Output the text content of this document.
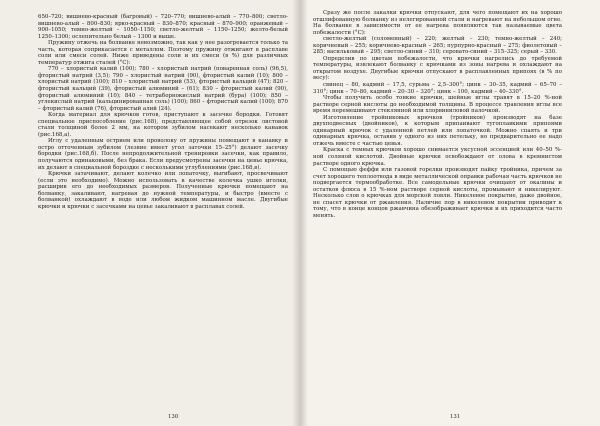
650–720; вишнево-красный (багровый) – 720–770; вишнево-алый – 770–800; светло-вишнево-алый – 800–830; ярко-красный – 830–870; красный – 870–900; оранжевый – 900–1050; темно-желтый – 1050–1150; светло-желтый – 1150–1250; желто-белый 1250–1300; ослепительно белый – 1300 и выше.

Пружину отжечь на болванке невозможно, так как у нее разогревается только та часть, которая соприкасается с металлом. Поэтому пружину отжигают в расплаве соли или смеси солей. Ниже приведены соли и их смеси (в %) для различных температур отжига сталей (°С):

770 – хлористый калий (100); 780 – хлористый натрий (поваренная соль) (96,5), фтористый натрий (3,5); 790 – хлористый натрий (90), фтористый калий (10); 800 – хлористый натрий (100); 810 – хлористый натрий (53), фтористый кальций (47); 820 – фтористый кальций (39), фтористый алюминий – (61); 830 – фтористый калий (90), фтористый алюминий (10); 840 – тетраборнокислый натрий (бура) (100); 850 – углекислый натрий (кальцинированная соль) (100); 860 – фтористый калий (100); 870 – фтористый калий (76), фтористый алий (24).

Когда материал для крючков готов, приступают к засечке бородки. Готовят специальное приспособление (рис.168), представляющее собой отрезок листовой стали толщиной более 2 мм, на котором зубилом насекают несколько канавок (рис.168,а).

Иглу с удаленным острием или проволоку от пружины помещают в канавку и остро отточенным зубилом (лезвие имеет угол заточки 15–25°) делают засечку бородки (рис.168,б). После непродолжительной тренировки засечки, как правило, получаются одинаковыми, без брака. Если предусмотрены засечки на цевье крючка, их делают в специальной бороздке с несколькими углублениями (рис.168,в).

Крючки затачивают, делают колечко или лопаточку, выгибают, просвечивают (если это необходимо). Можно использовать в качестве колечка ушко иголки, расширив его до необходимых размеров. Полученные крючки помещают на болванку, закаливают, нагревая до нужной температуры, и быстро (вместе с болванкой) охлаждают в воде или любом жидком машинном масле. Двугибые крючки и крючки с засечками на цевье закаливают в расплавах солей.

130

Сразу же после закалки крючки отпускают, для чего помещают их на хорошо отшлифованную болванку из нелегированной стали и нагревают на небольшом огне. На болванке в зависимости от ее нагрева появляются так называемые цвета побежалости (°С):

светло-желтый (соломенный) – 220; желтый – 230; темно-желтый – 240; коричневый – 255; коричнево-красный – 265; пурпурно-красный – 275; фиолетовый – 285; васильковый – 295; светло-синий – 310; серовато-синий – 315–325; серый – 330.

Определив по цветам побежалости, что крючки нагрелись до требуемой температуры, извлекают болванку с крючками из зоны нагрева и охлаждают на открытом воздухе. Двугибые крючки отпускают в расплавленных припоях (в % по весу):

свинец – 80, кадмий – 17,5, сурьма – 2,5–300°; цинк – 30–35, кадмий – 65–70 – 310°; цинк – 70–80, кадмий – 20–30 – 320°; цинк – 100, кадмий – 40–330°.

Чтобы получить особо тонкие крючки, шейные иглы травят в 15–20 %-ной растворе серной кислоты до необходимой толщины. В процессе травления иглы все время перемешивают стеклянной или хлорвиниловой палочкой.

Изготовление тройниковых крючков (тройников) производят на базе двухподвесных (двойников), к которым припаивают тугоплавкими припоями одинарный крючок с удаленной петлей или лопаточкой. Можно спаять и три одинарных крючка, оставив у одного из них петельку, но предварительно ее надо отжечь вместе с частью цевья.

Краска с темных крючков хорошо снимается уксусной эссенцией или 40–50 %-ной соляной кислотой. Двойные крючки освобождают от олова в кремнистом растворе одного крючка.

С помощью феффи или газовой горелки производят пайку тройника, причем за счет хорошего теплоотвода в виде металлической оправки рабочая часть крючков не подвергается термообработке. Все самодельные крючки очищают от окалины и остатков флюса в 15 %-ном растворе серной кислоты, промывают и никелируют. Несколько слов о крючках для морской ловли. Никелевое покрытие, даже двойное, не спасет крючки от ржавления. Наличие пор в никелевом покрытии приводит к тому, что в конце концов ржавчина обезображивает крючки и их приходится часто менять.

131
